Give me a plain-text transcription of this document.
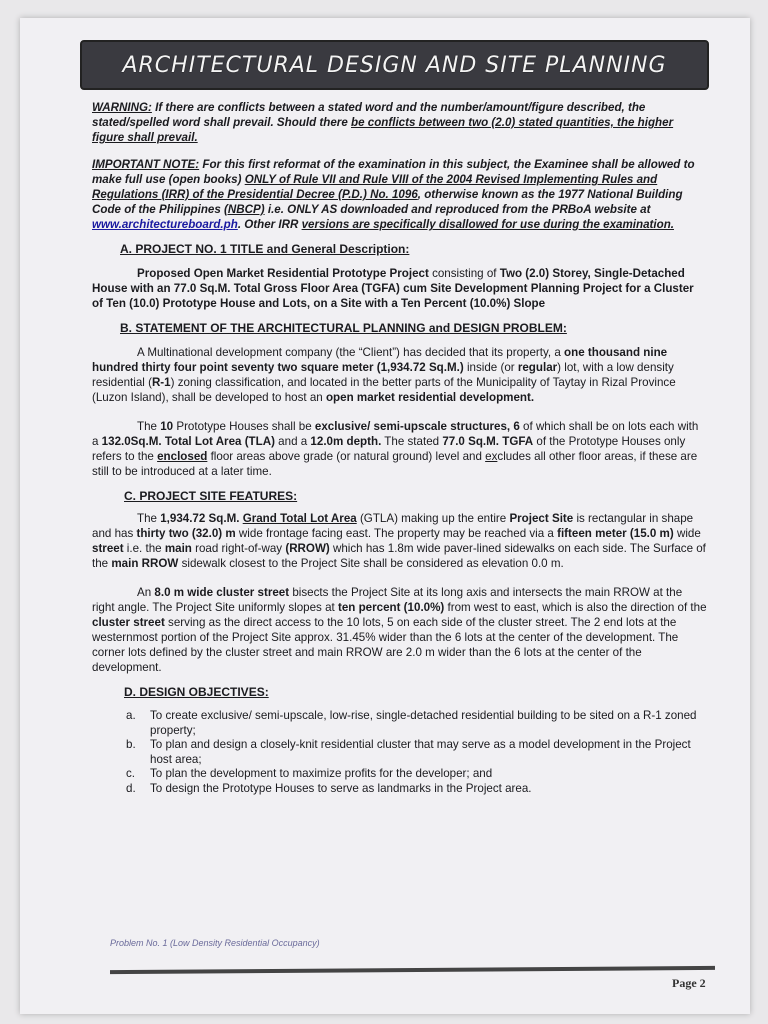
ARCHITECTURAL DESIGN AND SITE PLANNING

WARNING: If there are conflicts between a stated word and the number/amount/figure described, the stated/spelled word shall prevail. Should there be conflicts between two (2.0) stated quantities, the higher figure shall prevail.

IMPORTANT NOTE: For this first reformat of the examination in this subject, the Examinee shall be allowed to make full use (open books) ONLY of Rule VII and Rule VIII of the 2004 Revised Implementing Rules and Regulations (IRR) of the Presidential Decree (P.D.) No. 1096, otherwise known as the 1977 National Building Code of the Philippines (NBCP) i.e. ONLY AS downloaded and reproduced from the PRBoA website at www.architectureboard.ph. Other IRR versions are specifically disallowed for use during the examination.

A. PROJECT NO. 1 TITLE and General Description:

Proposed Open Market Residential Prototype Project consisting of Two (2.0) Storey, Single-Detached House with an 77.0 Sq.M. Total Gross Floor Area (TGFA) cum Site Development Planning Project for a Cluster of Ten (10.0) Prototype House and Lots, on a Site with a Ten Percent (10.0%) Slope

B. STATEMENT OF THE ARCHITECTURAL PLANNING and DESIGN PROBLEM:

A Multinational development company (the “Client”) has decided that its property, a one thousand nine hundred thirty four point seventy two square meter (1,934.72 Sq.M.) inside (or regular) lot, with a low density residential (R-1) zoning classification, and located in the better parts of the Municipality of Taytay in Rizal Province (Luzon Island), shall be developed to host an open market residential development.

The 10 Prototype Houses shall be exclusive/ semi-upscale structures, 6 of which shall be on lots each with a 132.0Sq.M. Total Lot Area (TLA) and a 12.0m depth. The stated 77.0 Sq.M. TGFA of the Prototype Houses only refers to the enclosed floor areas above grade (or natural ground) level and excludes all other floor areas, if these are still to be introduced at a later time.

C. PROJECT SITE FEATURES:

The 1,934.72 Sq.M. Grand Total Lot Area (GTLA) making up the entire Project Site is rectangular in shape and has thirty two (32.0) m wide frontage facing east. The property may be reached via a fifteen meter (15.0 m) wide street i.e. the main road right-of-way (RROW) which has 1.8m wide paver-lined sidewalks on each side. The Surface of the main RROW sidewalk closest to the Project Site shall be considered as elevation 0.0 m.

An 8.0 m wide cluster street bisects the Project Site at its long axis and intersects the main RROW at the right angle. The Project Site uniformly slopes at ten percent (10.0%) from west to east, which is also the direction of the cluster street serving as the direct access to the 10 lots, 5 on each side of the cluster street. The 2 end lots at the westernmost portion of the Project Site approx. 31.45% wider than the 6 lots at the center of the development. The corner lots defined by the cluster street and main RROW are 2.0 m wider than the 6 lots at the center of the development.

D. DESIGN OBJECTIVES:
a. To create exclusive/ semi-upscale, low-rise, single-detached residential building to be sited on a R-1 zoned property;
b. To plan and design a closely-knit residential cluster that may serve as a model development in the Project host area;
c. To plan the development to maximize profits for the developer; and
d. To design the Prototype Houses to serve as landmarks in the Project area.
Problem No. 1 (Low Density Residential Occupancy)
Page 2
